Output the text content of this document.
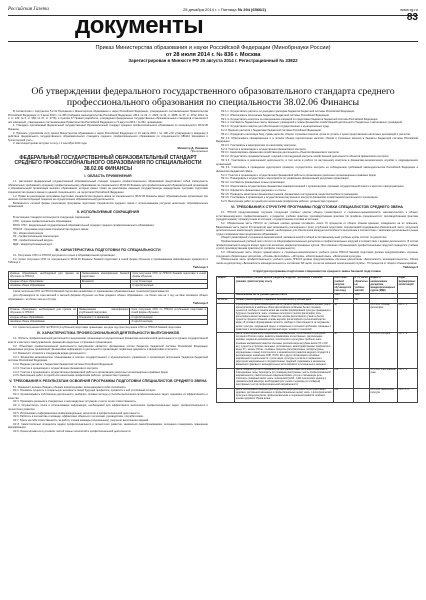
Российская Газета	25 декабря 2014 г. • Пятница № 294 (6566/2)	www.rg.ru
83
документы
Приказ Министерства образования и науки Российской Федерации (Минобрнауки России)
от 28 июля 2014 г. № 836 г. Москва
Зарегистрирован в Минюсте РФ 25 августа 2014 г. Регистрационный № 33822
Об утверждении федерального государственного образовательного стандарта среднего профессионального образования по специальности 38.02.06 Финансы

В соответствии с подпунктом 5.2.41 Положения о Министерстве образования и науки Российской Федерации, утвержденного постановлением Правительства Российской Федерации от 3 июня 2013 г. № 466 (Собрание законодательства Российской Федерации, 2013, № 23, ст. 2923; № 33, ст. 4386; № 37, ст. 4702; 2014, № 2, ст. 126; № 6, ст. 582; № 27, ст. 3776), и пунктом 17 Правил разработки, утверждения федеральных государственных образовательных стандартов и внесения в них изменений, утвержденных постановлением Правительства Российской Федерации от 5 августа 2013 г. № 661, приказываю:

1. Утвердить прилагаемый федеральный государственный образовательный стандарт среднего профессионального образования по специальности 38.02.06 Финансы.

2. Признать утратившим силу приказ Министерства образования и науки Российской Федерации от 16 марта 2010 г. № 190 «Об утверждении и введении в действие федерального государственного образовательного стандарта среднего профессионального образования по специальности 080114 Экономика и бухгалтерский учет».

3. Настоящий приказ вступает в силу с 1 сентября 2014 года.

Министр Д. Ливанов
Приложение
ФЕДЕРАЛЬНЫЙ ГОСУДАРСТВЕННЫЙ ОБРАЗОВАТЕЛЬНЫЙ СТАНДАРТ СРЕДНЕГО ПРОФЕССИОНАЛЬНОГО ОБРАЗОВАНИЯ ПО СПЕЦИАЛЬНОСТИ 38.02.06 ФИНАНСЫ
I. ОБЛАСТЬ ПРИМЕНЕНИЯ

1.1. Настоящий федеральный государственный образовательный стандарт среднего профессионального образования представляет собой совокупность обязательных требований к среднему профессиональному образованию по специальности 38.02.06 Финансы для профессиональной образовательной организации и образовательной организации высшего образования, которые имеют право на реализацию имеющих государственную аккредитацию программ подготовки специалистов среднего звена по данной специальности, на территории Российской Федерации.

1.2. Право на реализацию программы подготовки специалистов среднего звена по специальности 38.02.06 Финансы имеет образовательная организация при наличии соответствующей лицензии на осуществление образовательной деятельности.

Возможность сетевой формы реализации программы подготовки специалистов среднего звена с использованием ресурсов нескольких образовательных организаций.

II. ИСПОЛЬЗУЕМЫЕ СОКРАЩЕНИЯ

В настоящем стандарте используются следующие сокращения:

СПО - среднее профессиональное образование;

ФГОС СПО - федеральный государственный образовательный стандарт среднего профессионального образования;

ППССЗ - программа подготовки специалистов среднего звена;

ОК - общая компетенция;

ПК - профессиональная компетенция;

ПМ - профессиональный модуль;

МДК - междисциплинарный курс.

III. ХАРАКТЕРИСТИКА ПОДГОТОВКИ ПО СПЕЦИАЛЬНОСТИ

3.1. Получение СПО по ППССЗ допускается только в образовательной организации.

3.2. Сроки получения СПО по специальности 38.02.06 Финансы базовой подготовки в очной форме обучения и присваиваемая квалификация приводятся в Таблице 1.

Таблица 1
Уровень образования, необходимый для приема на обучение по ППССЗ	Наименование квалификации базовой подготовки	Срок получения СПО по ППССЗ базовой подготовки в очной форме обучения
среднее общее образование	Финансист	1 год 10 месяцев
основное общее образование		2 года 10 месяцев

Сроки получения СПО по ППССЗ базовой подготовки независимо от применяемых образовательных технологий увеличиваются:

для обучающихся по очно-заочной и заочной формам обучения: на базе среднего общего образования - не более чем на 1 год; на базе основного общего образования - не более чем на 1,5 года.

Таблица 2
Уровень образования, необходимый для приема на обучение по ППССЗ	Наименование квалификации углубленной подготовки	Срок получения СПО по ППССЗ углубленной подготовки в очной форме обучения
среднее общее образование	Специалист по финансам	2 года 10 месяцев
основное общее образование		3 года 10 месяцев

3.3. Сроки получения СПО по ППССЗ углубленной подготовки превышают на один год срок получения СПО по ППССЗ базовой подготовки.

IV. ХАРАКТЕРИСТИКА ПРОФЕССИОНАЛЬНОЙ ДЕЯТЕЛЬНОСТИ ВЫПУСКНИКОВ

4.1. Область профессиональной деятельности выпускников: организация и осуществление финансово-экономической деятельности в органах государственной власти и местного самоуправления, финансово-кредитных и страховых организациях.

4.2. Объектами профессиональной деятельности выпускников являются: финансовые потоки бюджетов бюджетной системы Российской Федерации; финансовые ресурсы организаций; финансовая информация о деятельности организаций; первичные документы и финансовая отчетность.

4.3. Финансист готовится к следующим видам деятельности:

4.3.1. Финансово-экономическое планирование в секторе государственного и муниципального управления и организация исполнения бюджетов бюджетной системы Российской Федерации.

4.3.2. Ведение расчетов с бюджетами бюджетной системы Российской Федерации.

4.3.3. Участие в организации и осуществлении финансового контроля.

4.3.4. Участие в организации и осуществлении финансовой работы в организациях различных организационно-правовых форм.

4.3.5. Выполнение работ по одной или нескольким профессиям рабочих, должностям служащих.

V. ТРЕБОВАНИЯ К РЕЗУЛЬТАТАМ ОСВОЕНИЯ ПРОГРАММЫ ПОДГОТОВКИ СПЕЦИАЛИСТОВ СРЕДНЕГО ЗВЕНА

5.1. Финансист должен обладать общими компетенциями, включающими в себя способность:

ОК 1. Понимать сущность и социальную значимость своей будущей профессии, проявлять к ней устойчивый интерес.

ОК 2. Организовывать собственную деятельность, выбирать типовые методы и способы выполнения профессиональных задач, оценивать их эффективность и качество.

ОК 3. Принимать решения в стандартных и нестандартных ситуациях и нести за них ответственность.

ОК 4. Осуществлять поиск и использование информации, необходимой для эффективного выполнения профессиональных задач, профессионального и личностного развития.

ОК 5. Использовать информационно-коммуникационные технологии в профессиональной деятельности.

ОК 6. Работать в коллективе и команде, эффективно общаться с коллегами, руководством, потребителями.

ОК 7. Брать на себя ответственность за работу членов команды (подчиненных), результат выполнения заданий.

ОК 8. Самостоятельно определять задачи профессионального и личностного развития, заниматься самообразованием, осознанно планировать повышение квалификации.

ОК 9. Ориентироваться в условиях частой смены технологий в профессиональной деятельности.

ПК 1.1. Осуществлять расчеты по доходам и расходам бюджетов бюджетной системы Российской Федерации.

ПК 1.2. Обеспечивать исполнение бюджетов бюджетной системы Российской Федерации.

ПК 1.3. Осуществлять контроль за совершением операций со средствами бюджетов бюджетной системы Российской Федерации.

ПК 1.4. Составлять бюджетные сметы казенных учреждений и планы финансово-хозяйственной деятельности бюджетных и автономных учреждений.

ПК 1.5. Осуществлять закупки для обеспечения государственных и муниципальных нужд.

5.2.2. Ведение расчетов с бюджетами бюджетной системы Российской Федерации.

ПК 2.1. Определять налоговую базу, суммы налогов, сборов, страховых взносов, сроки их уплаты и сроки представления налоговых деклараций и расчетов.

ПК 2.2. Обеспечивать своевременное и в полном объеме перечисление налогов, сборов и страховых взносов в бюджеты бюджетной системы Российской Федерации.

ПК 2.3. Участвовать в мероприятиях по налоговому контролю.

5.2.3. Участие в организации и осуществлении финансового контроля.

ПК 3.1. Анализировать финансово-хозяйственную деятельность объектов финансового контроля.

ПК 3.2. Осуществлять предварительный, текущий и последующий контроль хозяйственной деятельности объектов финансового контроля.

ПК 3.3. Участвовать в ревизионной деятельности, в том числе в работе по внутреннему контролю в финансово-экономических службах и подразделениях организаций.

ПК 3.4. Участвовать в проведении аудиторских проверок, осуществлять контроль за соблюдением требований законодательства Российской Федерации в финансово-бюджетной сфере.

5.2.4. Участие в организации и осуществлении финансовой работы в организациях различных организационно-правовых форм.

ПК 4.1. Планировать и осуществлять мероприятия по управлению финансовыми ресурсами организации.

ПК 4.2. Составлять финансовые планы организации.

ПК 4.3. Обеспечивать осуществление финансовых взаимоотношений с организациями, органами государственной власти и местного самоуправления.

ПК 4.4. Оформлять финансовые документы и отчеты.

ПК 4.5. Проводить мониторинг финансовых рынков, финансовых инструментов, кредитоспособности заемщиков.

ПК 4.6. Участвовать в организации и осуществлении внутреннего контроля финансово-хозяйственной деятельности организации.

5.2.5. Выполнение работ по одной или нескольким профессиям рабочих, должностям служащих.

VI. ТРЕБОВАНИЯ К СТРУКТУРЕ ПРОГРАММЫ ПОДГОТОВКИ СПЕЦИАЛИСТОВ СРЕДНЕГО ЗВЕНА

6.1. ППССЗ предусматривает изучение следующих учебных циклов: общего гуманитарного и социально-экономического; математического и общего естественнонаучного; профессионального; и разделов: учебная практика; производственная практика (по профилю специальности); производственная практика (преддипломная); промежуточная аттестация; государственная итоговая аттестация.

6.2. Обязательная часть ППССЗ по учебным циклам должна составлять около 70 процентов от общего объема времени, отведенного на их освоение. Вариативная часть (около 30 процентов) дает возможность расширения и (или) углубления подготовки, определяемой содержанием обязательной части, получения дополнительных компетенций, умений и знаний, необходимых для обеспечения конкурентоспособности выпускника в соответствии с запросами регионального рынка труда и возможностями продолжения образования.

Общий гуманитарный и социально-экономический, математический и общий естественнонаучный учебные циклы состоят из дисциплин.

Профессиональный учебный цикл состоит из общепрофессиональных дисциплин и профессиональных модулей в соответствии с видами деятельности. В состав профессионального модуля входит один или несколько междисциплинарных курсов. При освоении обучающимися профессиональных модулей проводятся учебная и (или) производственная практика (по профилю специальности).

6.3. Обязательная часть общего гуманитарного и социально-экономического учебного цикла ППССЗ базовой подготовки должна предусматривать изучение следующих обязательных дисциплин: «Основы философии», «История», «Иностранный язык», «Физическая культура».

Обязательная часть профессионального учебного цикла ППССЗ должна предусматривать изучение дисциплины «Безопасность жизнедеятельности». Объем часов на дисциплину «Безопасность жизнедеятельности» составляет 68 часов, из них на освоение основ военной службы - 70 процентов от общего объема времени.

Таблица 3
Структура программы подготовки специалистов среднего звена базовой подготовки
Индекс	Наименование учебных циклов, разделов, модулей, требования к знаниям, умениям, практическому опыту	Всего макс. учебной нагрузки обучающегося (час./нед.)	В т.ч. часов обязательных учебных занятий	Индекс и наименование дисциплин, междисциплинарных курсов (МДК)	Коды формируемых компетенций
	Обязательная часть учебных циклов ППССЗ	1998	1332		
ОГСЭ.00	Общий гуманитарный и социально-экономический учебный цикл	588	392		
	В результате изучения обязательной части учебного цикла обучающийся должен: уметь: ориентироваться в наиболее общих философских проблемах бытия, познания, ценностей, свободы и смысла жизни как основах формирования культуры гражданина и будущего специалиста; знать: основные категории и понятия философии; роль философии в жизни человека и общества; основы философского учения о бытии; сущность процесса познания; основы научной, философской и религиозной картин мира; об условиях формирования личности, свободе и ответственности за сохранение жизни, культуры, окружающей среды; о социальных и этических проблемах, связанных с развитием и использованием достижений науки, техники и технологий;	48		ОГСЭ.01. Основы философии	ОК 1 - 9
	уметь: ориентироваться в современной экономической, политической и культурной ситуации в России и мире; выявлять взаимосвязь отечественных, региональных, мировых социально-экономических, политических и культурных проблем; знать: основные направления развития ключевых регионов мира на рубеже веков (XX и XXI вв.); сущность и причины локальных, региональных, межгосударственных конфликтов в конце XX - начале XXI вв.; основные процессы (интеграционные, поликультурные, миграционные и иные) политического и экономического развития ведущих государств и регионов мира; назначение ООН, НАТО, ЕС и других организаций и основные направления их деятельности; о роли науки, культуры и религии в сохранении и укреплении национальных и государственных традиций; содержание и назначение важнейших правовых и законодательных актов мирового и регионального значения;	48		ОГСЭ.02. История	ОК 1 - 9
	уметь: общаться (устно и письменно) на иностранном языке на профессиональные и повседневные темы; переводить (со словарем) иностранные тексты профессиональной направленности; самостоятельно совершенствовать устную и письменную речь, пополнять словарный запас; знать: лексический (1200 - 1400 лексических единиц) и грамматический минимум, необходимый для чтения и перевода (со словарем) иностранных текстов профессиональной направленности;	176		ОГСЭ.03. Иностранный язык	ОК 1 - 9
	уметь: использовать физкультурно-оздоровительную деятельность для укрепления здоровья, достижения жизненных и профессиональных целей; знать: о роли физической культуры в общекультурном, профессиональном и социальном развитии человека; основы здорового образа жизни;	316		ОГСЭ.04. Физическая культура	ОК 2, 3, 6
